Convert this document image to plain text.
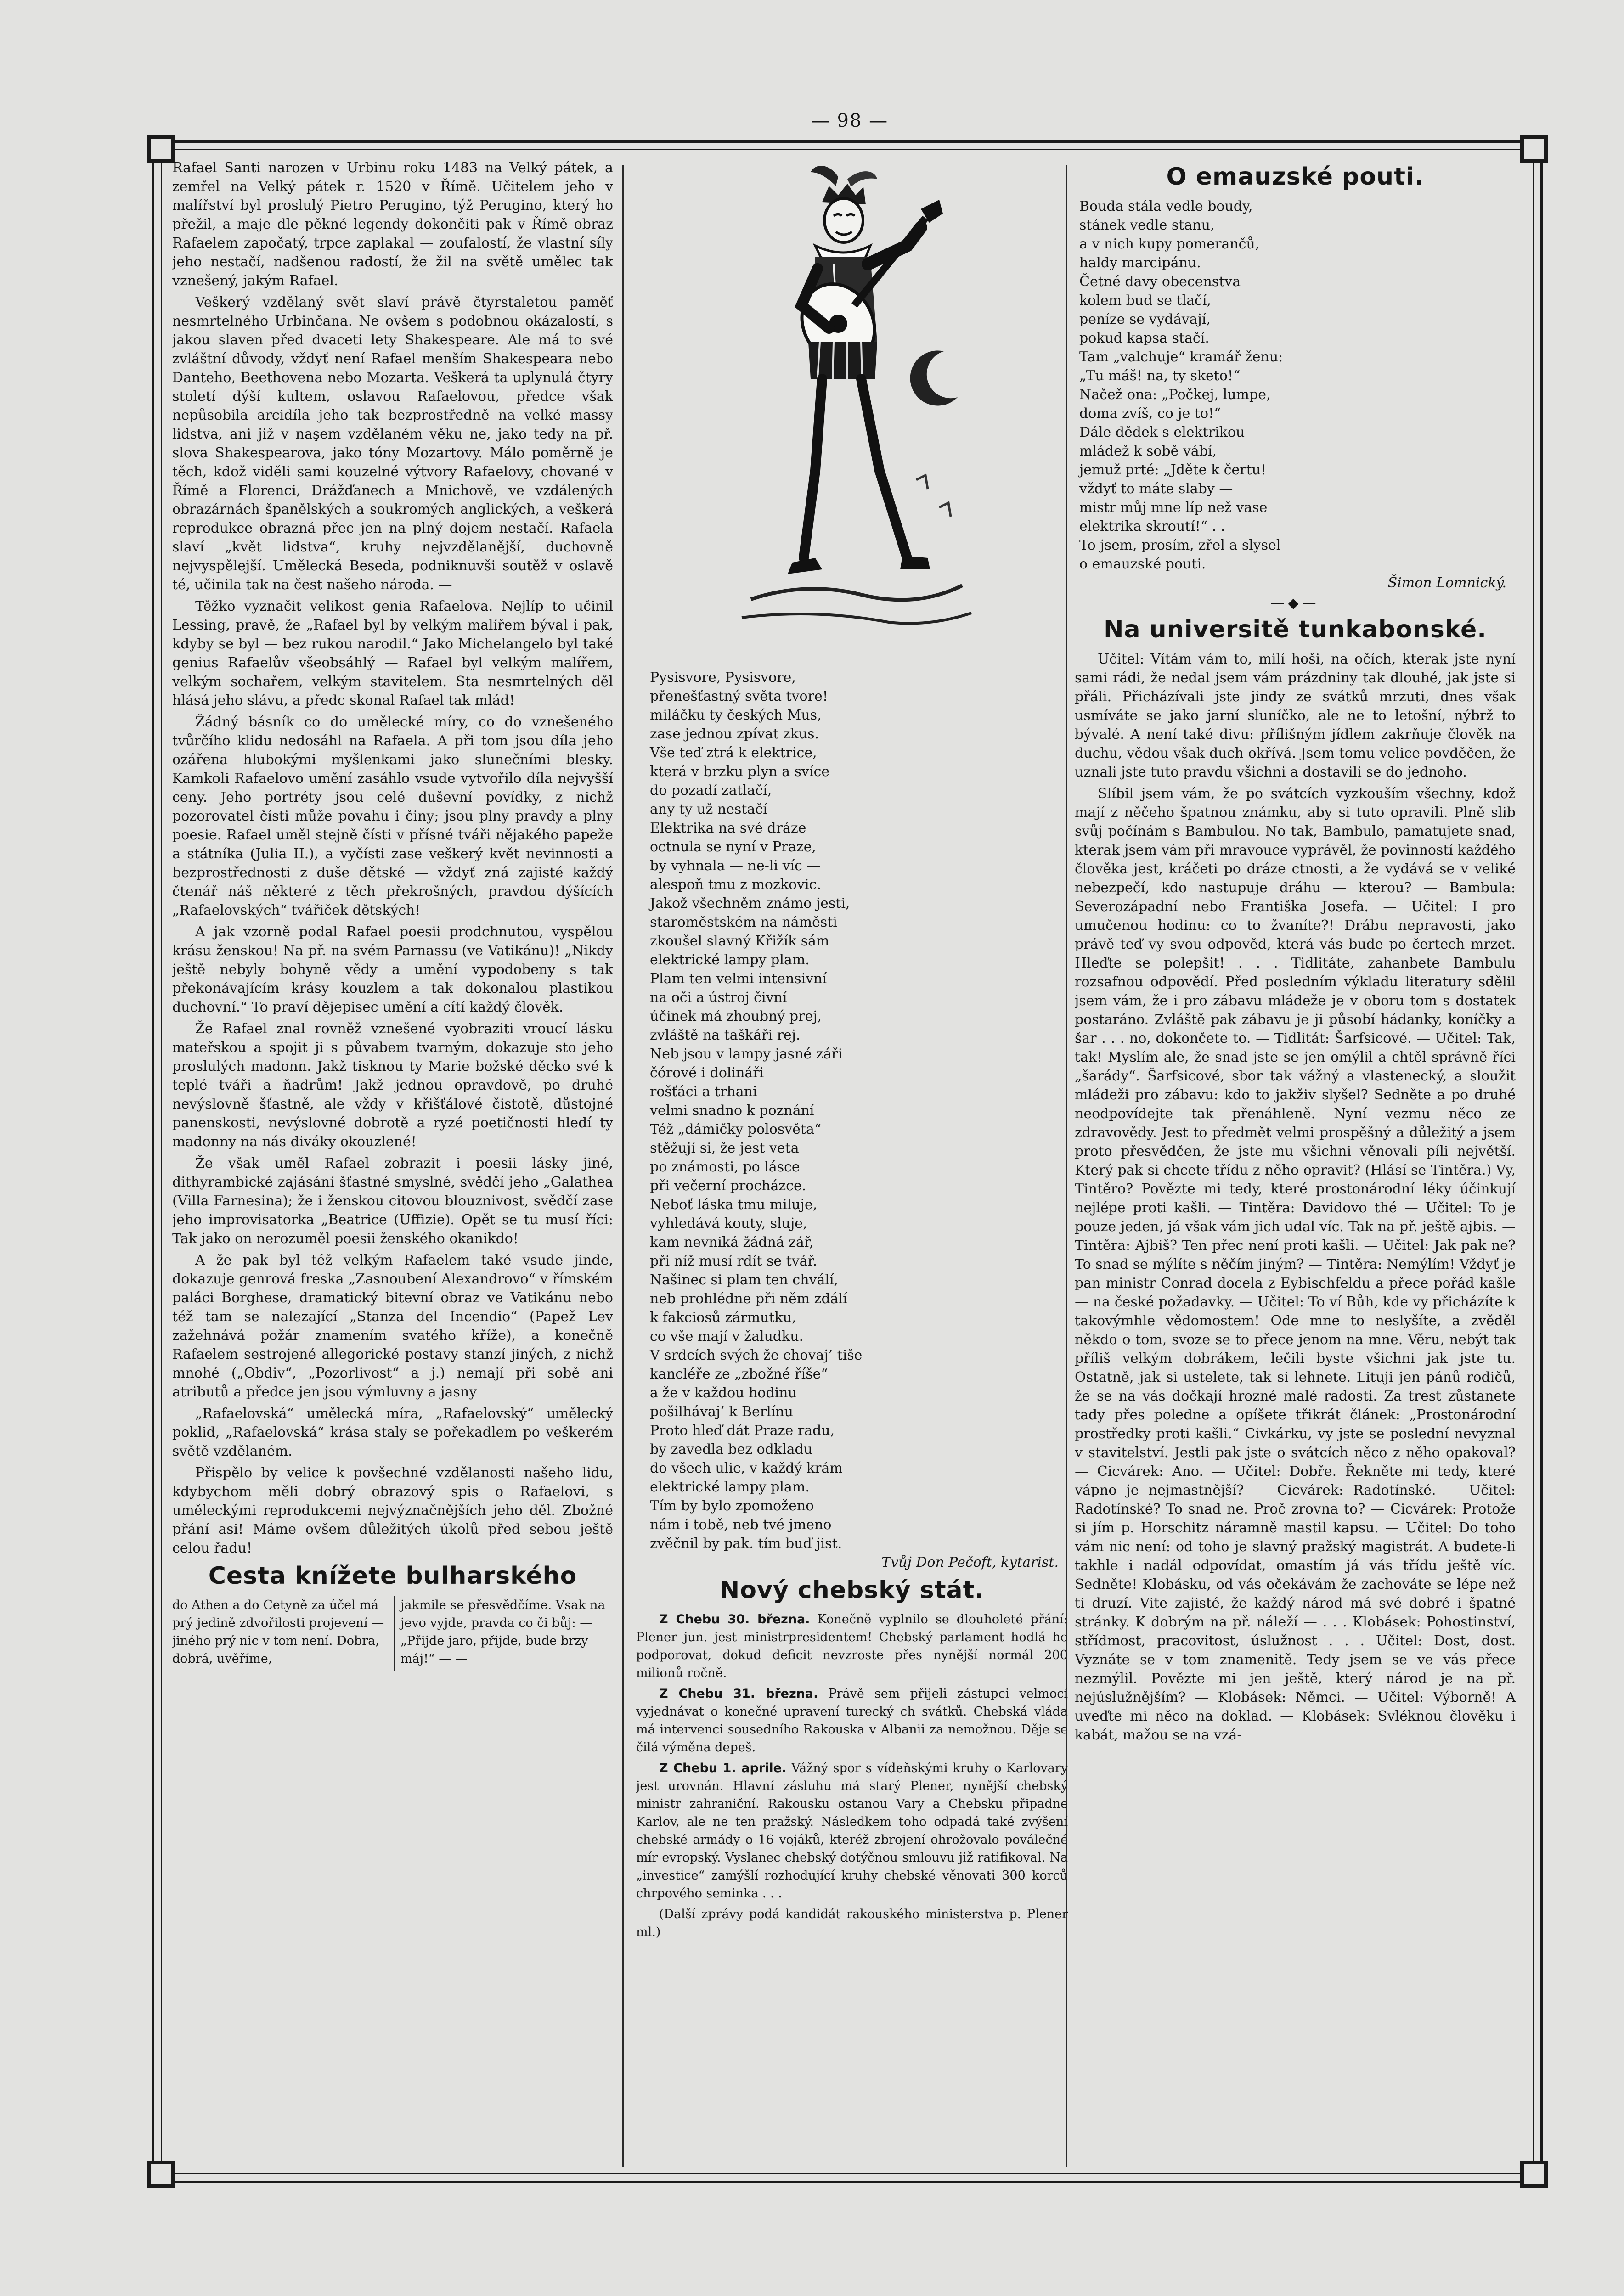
— 98 —

Rafael Santi narozen v Urbinu roku 1483 na Velký pátek, a zemřel na Velký pátek r. 1520 v Římě. Učitelem jeho v malířství byl proslulý Pietro Perugino, týž Perugino, který ho přežil, a maje dle pěkné legendy dokončiti pak v Římě obraz Rafaelem započatý, trpce zaplakal — zoufalostí, že vlastní síly jeho nestačí, nadšenou radostí, že žil na světě umělec tak vznešený, jakým Rafael.

Veškerý vzdělaný svět slaví právě čtyrstaletou paměť nesmrtelného Urbinčana. Ne ovšem s podobnou okázalostí, s jakou slaven před dvaceti lety Shakespeare. Ale má to své zvláštní důvody, vždyť není Rafael menším Shakespeara nebo Danteho, Beethovena nebo Mozarta. Veškerá ta uplynulá čtyry století dýší kultem, oslavou Rafaelovou, předce však nepůsobila arcidíla jeho tak bezprostředně na velké massy lidstva, ani již v naşem vzdělaném věku ne, jako tedy na př. slova Shakespearova, jako tóny Mozartovy. Málo poměrně je těch, kdož viděli sami kouzelné výtvory Rafaelovy, chované v Římě a Florenci, Drážďanech a Mnichově, ve vzdálených obrazárnách španělských a soukromých anglických, a veškerá reprodukce obrazná přec jen na plný dojem nestačí. Rafaela slaví „květ lidstva“, kruhy nejvzdělanější, duchovně nejvyspělejší. Umělecká Beseda, podniknuvši soutěž v oslavě té, učinila tak na čest našeho národa. —

Těžko vyznačit velikost genia Rafaelova. Nejlíp to učinil Lessing, pravě, že „Rafael byl by velkým malířem býval i pak, kdyby se byl — bez rukou narodil.“ Jako Michelangelo byl také genius Rafaelův všeobsáhlý — Rafael byl velkým malířem, velkým sochařem, velkým stavitelem. Sta nesmrtelných děl hlásá jeho slávu, a předc skonal Rafael tak mlád!

Žádný básník co do umělecké míry, co do vznešeného tvůrčího klidu nedosáhl na Rafaela. A při tom jsou díla jeho ozářena hlubokými myšlenkami jako slunečními blesky. Kamkoli Rafaelovo umění zasáhlo vsude vytvořilo díla nejvyšší ceny. Jeho portréty jsou celé duševní povídky, z nichž pozorovatel čísti může povahu i činy; jsou plny pravdy a plny poesie. Rafael uměl stejně čísti v přísné tváři nějakého papeže a státníka (Julia II.), a vyčísti zase veškerý květ nevinnosti a bezprostřednosti z duše dětské — vždyť zná zajisté každý čtenář náš některé z těch překrošných, pravdou dýšících „Rafaelovských“ tvářiček dětských!

A jak vzorně podal Rafael poesii prodchnutou, vyspělou krásu ženskou! Na př. na svém Parnassu (ve Vatikánu)! „Nikdy ještě nebyly bohyně vědy a umění vypodobeny s tak překonávajícím krásy kouzlem a tak dokonalou plastikou duchovní.“ To praví dějepisec umění a cítí každý člověk.

Že Rafael znal rovněž vznešené vyobraziti vroucí lásku mateřskou a spojit ji s půvabem tvarným, dokazuje sto jeho proslulých madonn. Jakž tisknou ty Marie božské děcko své k teplé tváři a ňadrům! Jakž jednou opravdově, po druhé nevýslovně šťastně, ale vždy v křišťálové čistotě, důstojné panenskosti, nevýslovné dobrotě a ryzé poetičnosti hledí ty madonny na nás diváky okouzlené!

Že však uměl Rafael zobrazit i poesii lásky jiné, dithyrambické zajásání šťastné smyslné, svědčí jeho „Galathea (Villa Farnesina); že i ženskou citovou blouznivost, svědčí zase jeho improvisatorka „Beatrice (Uffizie). Opět se tu musí říci: Tak jako on nerozuměl poesii ženského okanikdo!

A že pak byl též velkým Rafaelem také vsude jinde, dokazuje genrová freska „Zasnoubení Alexandrovo“ v římském paláci Borghese, dramatický bitevní obraz ve Vatikánu nebo též tam se nalezající „Stanza del Incendio“ (Papež Lev zažehnává požár znamením svatého kříže), a konečně Rafaelem sestrojené allegorické postavy stanzí jiných, z nichž mnohé („Obdiv“, „Pozorlivost“ a j.) nemají při sobě ani atributů a předce jen jsou výmluvny a jasny

„Rafaelovská“ umělecká míra, „Rafaelovský“ umělecký poklid, „Rafaelovská“ krása staly se pořekadlem po veškerém světě vzdělaném.

Přispělo by velice k povšechné vzdělanosti našeho lidu, kdybychom měli dobrý obrazový spis o Rafaelovi, s uměleckými reprodukcemi nejvýznačnějších jeho děl. Zbožné přání asi! Máme ovšem důležitých úkolů před sebou ještě celou řadu!

Cesta knížete bulharského

do Athen a do Cetyně za účel má prý jedině zdvořilosti projevení — jiného prý nic v tom není. Dobra, dobrá, uvěříme,

jakmile se přesvědčíme. Vsak na jevo vyjde, pravda co či bůj: — „Přijde jaro, přijde, bude brzy máj!“ — —

Pysisvore, Pysisvore,
přenešťastný světa tvore!
miláčku ty českých Mus,
zase jednou zpívat zkus.
Vše teď ztrá k elektrice,
která v brzku plyn a svíce
do pozadí zatlačí,
any ty už nestačí
Elektrika na své dráze
octnula se nyní v Praze,
by vyhnala — ne-li víc —
alespoň tmu z mozkovic.
Jakož všechněm známo jesti,
staroměstském na náměsti
zkoušel slavný Křižík sám
elektrické lampy plam.
Plam ten velmi intensivní
na oči a ústroj čivní
účinek má zhoubný prej,
zvláště na taškáři rej.
Neb jsou v lampy jasné záři
čórové i dolináři
rošťáci a trhani
velmi snadno k poznání
Též „dámičky polosvěta“
stěžují si, že jest veta
po známosti, po lásce
při večerní procházce.
Neboť láska tmu miluje,
vyhledává kouty, sluje,
kam nevniká žádná zář,
při níž musí rdít se tvář.
Našinec si plam ten chválí,
neb prohlédne při něm zdálí
k fakciosů zármutku,
co vše mají v žaludku.
V srdcích svých že chovaj’ tiše
kancléře ze „zbožné říše“
a že v každou hodinu
pošilhávaj’ k Berlínu
Proto hleď dát Praze radu,
by zavedla bez odkladu
do všech ulic, v každý krám
elektrické lampy plam.
Tím by bylo zpomoženo
nám i tobě, neb tvé jmeno
zvěčnil by pak. tím buď jist.
Tvůj Don Pečoft, kytarist.
Nový chebský stát.

Z Chebu 30. března. Konečně vyplnilo se dlouholeté přání: Plener jun. jest ministrpresidentem! Chebský parlament hodlá ho podporovat, dokud deficit nevzroste přes nynější normál 200 milionů ročně.

Z Chebu 31. března. Právě sem přijeli zástupci velmocí vyjednávat o konečné upravení turecký ch svátků. Chebská vláda má intervenci sousedního Rakouska v Albanii za nemožnou. Děje se čilá výměna depeš.

Z Chebu 1. aprile. Vážný spor s vídeňskými kruhy o Karlovary jest urovnán. Hlavní zásluhu má starý Plener, nynější chebský ministr zahraniční. Rakousku ostanou Vary a Chebsku připadne Karlov, ale ne ten pražský. Následkem toho odpadá také zvýšení chebské armády o 16 vojáků, kteréž zbrojení ohrožovalo poválečné mír evropský. Vyslanec chebský dotýčnou smlouvu již ratifikoval. Na „investice“ zamýšlí rozhodující kruhy chebské věnovati 300 korců chrpového seminka . . .

(Další zprávy podá kandidát rakouského ministerstva p. Plener ml.)

O emauzské pouti.
Bouda stála vedle boudy,
stánek vedle stanu,
a v nich kupy pomerančů,
haldy marcipánu.
Četné davy obecenstva
kolem bud se tlačí,
peníze se vydávají,
pokud kapsa stačí.
Tam „valchuje“ kramář ženu:
„Tu máš! na, ty sketo!“
Načež ona: „Počkej, lumpe,
doma zvíš, co je to!“
Dále dědek s elektrikou
mládež k sobě vábí,
jemuž prté: „Jděte k čertu!
vždyť to máte slaby —
mistr můj mne líp než vase
elektrika skroutí!“ . .
To jsem, prosím, zřel a slysel
o emauzské pouti.
Šimon Lomnický.
—◆—
Na universitě tunkabonské.

Učitel: Vítám vám to, milí hoši, na očích, kterak jste nyní sami rádi, že nedal jsem vám prázdniny tak dlouhé, jak jste si přáli. Přicházívali jste jindy ze svátků mrzuti, dnes však usmíváte se jako jarní sluníčko, ale ne to letošní, nýbrž to bývalé. A není také divu: přílišným jídlem zakrňuje člověk na duchu, vědou však duch okřívá. Jsem tomu velice povděčen, že uznali jste tuto pravdu všichni a dostavili se do jednoho.

Slíbil jsem vám, že po svátcích vyzkouším všechny, kdož mají z něčeho špatnou známku, aby si tuto opravili. Plně slib svůj počínám s Bambulou. No tak, Bambulo, pamatujete snad, kterak jsem vám při mravouce vyprávěl, že povinností každého člověka jest, kráčeti po dráze ctnosti, a že vydává se v veliké nebezpečí, kdo nastupuje dráhu — kterou? — Bambula: Severozápadní nebo Františka Josefa. — Učitel: I pro umučenou hodinu: co to žvaníte?! Drábu nepravosti, jako právě teď vy svou odpověd, která vás bude po čertech mrzet. Hleďte se polepšit! . . . Tidlitáte, zahanbete Bambulu rozsafnou odpovědí. Před posledním výkladu literatury sdělil jsem vám, že i pro zábavu mládeže je v oboru tom s dostatek postaráno. Zvláště pak zábavu je ji působí hádanky, koníčky a šar . . . no, dokončete to. — Tidlitát: Šarfsicové. — Učitel: Tak, tak! Myslím ale, že snad jste se jen omýlil a chtěl správně říci „šarády“. Šarfsicové, sbor tak vážný a vlastenecký, a sloužit mládeži pro zábavu: kdo to jakživ slyšel? Sedněte a po druhé neodpovídejte tak přenáhleně. Nyní vezmu něco ze zdravovědy. Jest to předmět velmi prospěšný a důležitý a jsem proto přesvědčen, že jste mu všichni věnovali píli největší. Který pak si chcete třídu z něho opravit? (Hlásí se Tintěra.) Vy, Tintěro? Povězte mi tedy, které prostonárodní léky účinkují nejlépe proti kašli. — Tintěra: Davidovo thé — Učitel: To je pouze jeden, já však vám jich udal víc. Tak na př. ještě ajbis. — Tintěra: Ajbiš? Ten přec není proti kašli. — Učitel: Jak pak ne? To snad se mýlíte s něčím jiným? — Tintěra: Nemýlím! Vždyť je pan ministr Conrad docela z Eybischfeldu a přece pořád kašle — na české požadavky. — Učitel: To ví Bůh, kde vy přicházíte k takovýmhle vědomostem! Ode mne to neslyšíte, a zvěděl někdo o tom, svoze se to přece jenom na mne. Věru, nebýt tak příliš velkým dobrákem, lečili byste všichni jak jste tu. Ostatně, jak si ustelete, tak si lehnete. Lituji jen pánů rodičů, že se na vás dočkají hrozné malé radosti. Za trest zůstanete tady přes poledne a opíšete třikrát článek: „Prostonárodní prostředky proti kašli.“ Civkárku, vy jste se poslední nevyznal v stavitelství. Jestli pak jste o svátcích něco z něho opakoval? — Cicvárek: Ano. — Učitel: Dobře. Řekněte mi tedy, které vápno je nejmastnější? — Cicvárek: Radotínské. — Učitel: Radotínské? To snad ne. Proč zrovna to? — Cicvárek: Protože si jím p. Horschitz náramně mastil kapsu. — Učitel: Do toho vám nic není: od toho je slavný pražský magistrát. A budete-li takhle i nadál odpovídat, omastím já vás třídu ještě víc. Sedněte! Klobásku, od vás očekávám že zachováte se lépe než ti druzí. Vite zajisté, že každý národ má své dobré i špatné stránky. K dobrým na př. náleží — . . . Klobásek: Pohostinství, střídmost, pracovitost, úslužnost . . . Učitel: Dost, dost. Vyznáte se v tom znamenitě. Tedy jsem se ve vás přece nezmýlil. Povězte mi jen ještě, který národ je na př. nejúslužnějším? — Klobásek: Němci. — Učitel: Výborně! A uveďte mi něco na doklad. — Klobásek: Svléknou člověku i kabát, mažou se na vzá-
